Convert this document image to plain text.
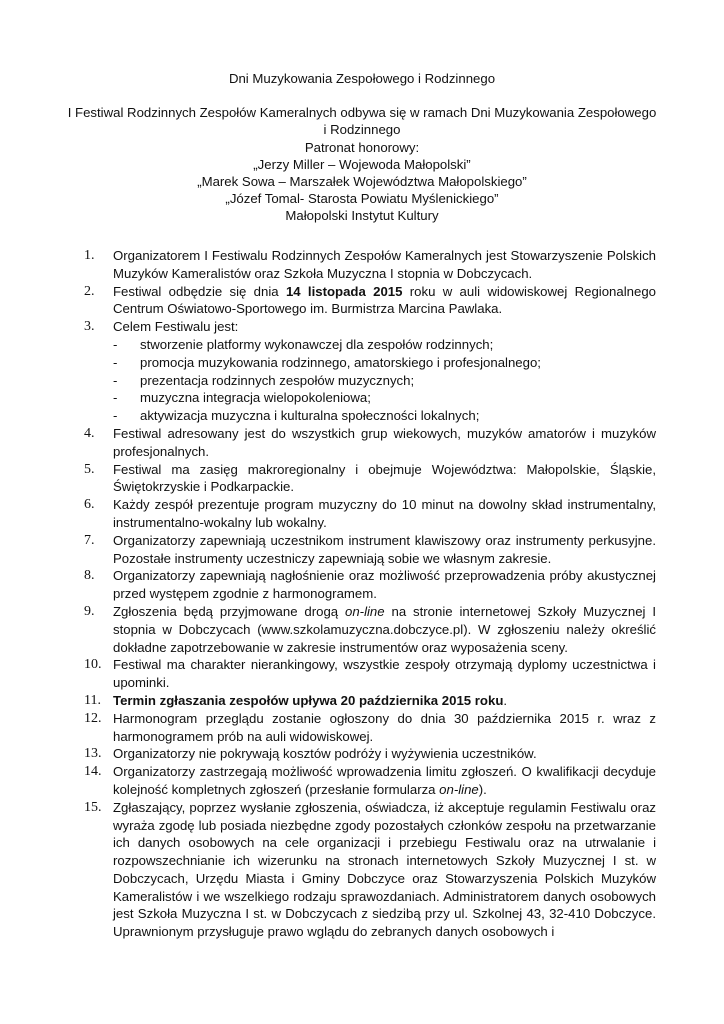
Dni Muzykowania Zespołowego i Rodzinnego

I Festiwal Rodzinnych Zespołów Kameralnych odbywa się w ramach Dni Muzykowania Zespołowego

i Rodzinnego

Patronat honorowy:

„Jerzy Miller – Wojewoda Małopolski”

„Marek Sowa – Marszałek Województwa Małopolskiego”

„Józef Tomal- Starosta Powiatu Myślenickiego”

Małopolski Instytut Kultury

1.	Organizatorem I Festiwalu Rodzinnych Zespołów Kameralnych jest Stowarzyszenie Polskich Muzyków Kameralistów oraz Szkoła Muzyczna I stopnia w Dobczycach.
2.	Festiwal odbędzie się dnia 14 listopada 2015 roku w auli widowiskowej Regionalnego Centrum Oświatowo-Sportowego im. Burmistrza Marcina Pawlaka.
3.	Celem Festiwalu jest:
- stworzenie platformy wykonawczej dla zespołów rodzinnych;
- promocja muzykowania rodzinnego, amatorskiego i profesjonalnego;
- prezentacja rodzinnych zespołów muzycznych;
- muzyczna integracja wielopokoleniowa;
- aktywizacja muzyczna i kulturalna społeczności lokalnych;
4.	Festiwal adresowany jest do wszystkich grup wiekowych, muzyków amatorów i muzyków profesjonalnych.
5.	Festiwal ma zasięg makroregionalny i obejmuje Województwa: Małopolskie, Śląskie, Świętokrzyskie i Podkarpackie.
6.	Każdy zespół prezentuje program muzyczny do 10 minut na dowolny skład instrumentalny, instrumentalno-wokalny lub wokalny.
7.	Organizatorzy zapewniają uczestnikom instrument klawiszowy oraz instrumenty perkusyjne. Pozostałe instrumenty uczestniczy zapewniają sobie we własnym zakresie.
8.	Organizatorzy zapewniają nagłośnienie oraz możliwość przeprowadzenia próby akustycznej przed występem zgodnie z harmonogramem.
9.	Zgłoszenia będą przyjmowane drogą on-line na stronie internetowej Szkoły Muzycznej I stopnia w Dobczycach (www.szkolamuzyczna.dobczyce.pl). W zgłoszeniu należy określić dokładne zapotrzebowanie w zakresie instrumentów oraz wyposażenia sceny.
10. Festiwal ma charakter nierankingowy, wszystkie zespoły otrzymają dyplomy uczestnictwa i upominki.
11. Termin zgłaszania zespołów upływa 20 października 2015 roku.
12. Harmonogram przeglądu zostanie ogłoszony do dnia 30 października 2015 r. wraz z harmonogramem prób na auli widowiskowej.
13. Organizatorzy nie pokrywają kosztów podróży i wyżywienia uczestników.
14. Organizatorzy zastrzegają możliwość wprowadzenia limitu zgłoszeń. O kwalifikacji decyduje kolejność kompletnych zgłoszeń (przesłanie formularza on-line).
15. Zgłaszający, poprzez wysłanie zgłoszenia, oświadcza, iż akceptuje regulamin Festiwalu oraz wyraża zgodę lub posiada niezbędne zgody pozostałych członków zespołu na przetwarzanie ich danych osobowych na cele organizacji i przebiegu Festiwalu oraz na utrwalanie i rozpowszechnianie ich wizerunku na stronach internetowych Szkoły Muzycznej I st. w Dobczycach, Urzędu Miasta i Gminy Dobczyce oraz Stowarzyszenia Polskich Muzyków Kameralistów i we wszelkiego rodzaju sprawozdaniach. Administratorem danych osobowych jest Szkoła Muzyczna I st. w Dobczycach z siedzibą przy ul. Szkolnej 43, 32-410 Dobczyce. Uprawnionym przysługuje prawo wglądu do zebranych danych osobowych i
